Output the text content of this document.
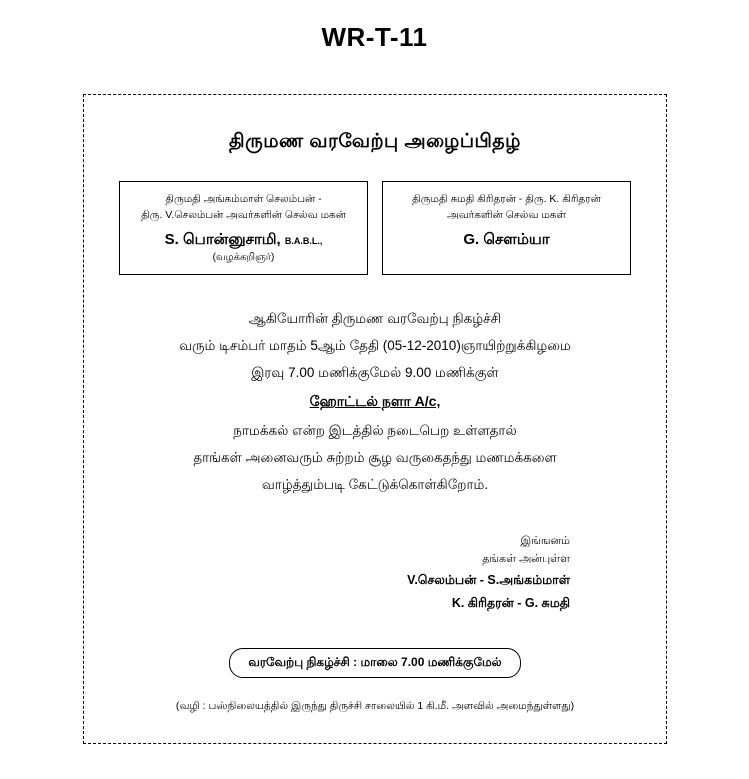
WR-T-11
திருமண வரவேற்பு அழைப்பிதழ்
திருமதி அங்கம்மாள் செலம்பன் -
திரு. V.செலம்பன் அவர்களின் செல்வ மகன்
S. பொன்னுசாமி, B.A.B.L.,
(வழக்கறிஞர்)
திருமதி சுமதி கிரிதரன் - திரு. K. கிரிதரன்
அவர்களின் செல்வ மகள்
G. சௌம்யா
ஆகியோரின் திருமண வரவேற்பு நிகழ்ச்சி
வரும் டிசம்பர் மாதம் 5ஆம் தேதி (05-12-2010)ஞாயிற்றுக்கிழமை
இரவு 7.00 மணிக்குமேல் 9.00 மணிக்குள்
ஹோட்டல் நளா A/c,
நாமக்கல் என்ற இடத்தில் நடைபெற உள்ளதால்
தாங்கள் அனைவரும் சுற்றம் சூழ வருகைதந்து மணமக்களை
வாழ்த்தும்படி கேட்டுக்கொள்கிறோம்.
இங்ஙனம்
தங்கள் அன்புள்ள
V.செலம்பன் - S.அங்கம்மாள்
K. கிரிதரன் - G. சுமதி
வரவேற்பு நிகழ்ச்சி : மாலை 7.00 மணிக்குமேல்
(வழி : பஸ்நிலையத்தில் இருந்து திருச்சி சாலையில் 1 கி.மீ. அளவில் அமைந்துள்ளது)
